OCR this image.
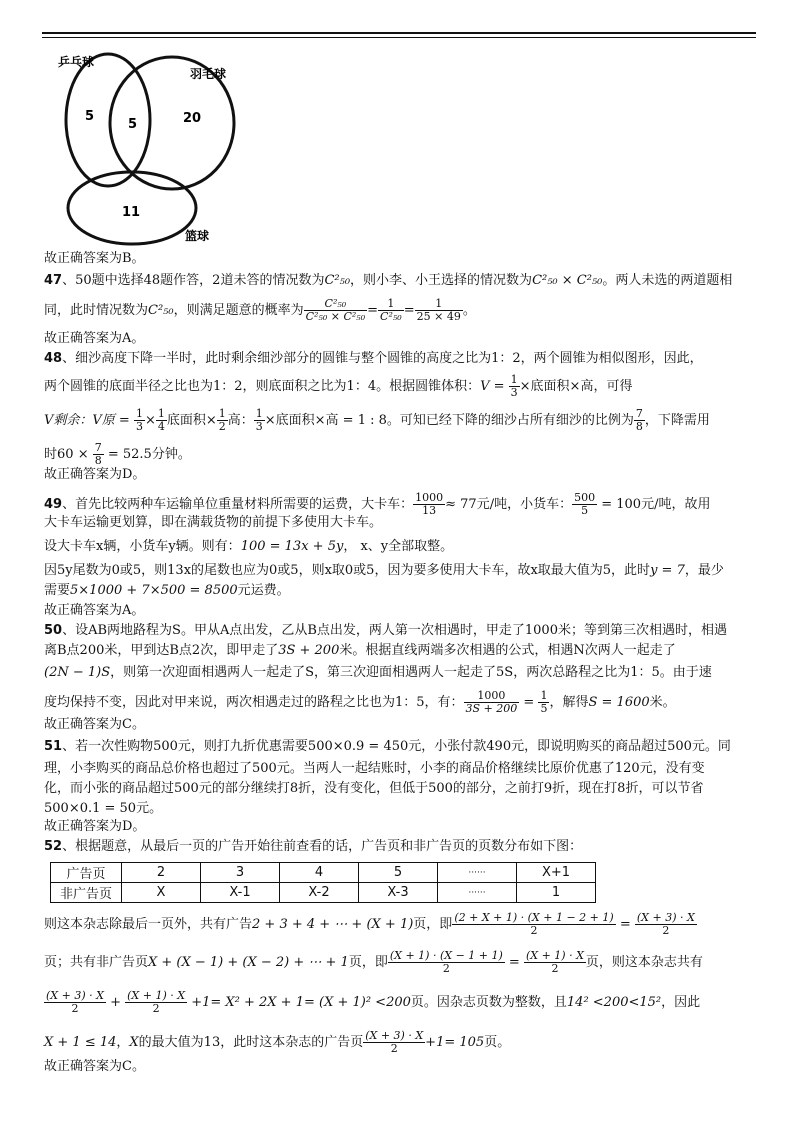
乒乓球
羽毛球
篮球
5
5	20
11
故正确答案为B。
47、50题中选择48题作答，2道未答的情况数为C²₅₀，则小李、小王选择的情况数为C²₅₀ × C²₅₀。两人未选的两道题相
同，此时情况数为C²₅₀，则满足题意的概率为 $\frac{\text{C²₅₀}}{\text{C²₅₀ × C²₅₀}} = \frac{1}{\text{C²₅₀}} = \frac{1}{25 \times 49}$ 。
故正确答案为A。
48、细沙高度下降一半时，此时剩余细沙部分的圆锥与整个圆锥的高度之比为1：2，两个圆锥为相似图形，因此，
两个圆锥的底面半径之比也为1：2，则底面积之比为1：4。根据圆锥体积：$V = \frac{1}{3}$ ×底面积×高，可得
V剩余：V原 = $\frac{1}{3} \times \frac{1}{4}$ 底面积× $\frac{1}{2}$ 高： $\frac{1}{3}$ ×底面积×高 = 1 : 8。可知已经下降的细沙占所有细沙的比例为 $\frac{7}{8}$ ，下降需用
时$60 \times \frac{7}{8} = 52.5$分钟。
故正确答案为D。
49、首先比较两种车运输单位重量材料所需要的运费，大卡车： $\frac{1000}{13} \approx 77$元/吨，小货车： $\frac{500}{5} = 100$元/吨，故用
大卡车运输更划算，即在满载货物的前提下多使用大卡车。
设大卡车x辆，小货车y辆。则有：100 = 13x + 5y， x、y全部取整。
因5y尾数为0或5，则13x的尾数也应为0或5，则x取0或5，因为要多使用大卡车，故x取最大值为5，此时y = 7，最少
需要5×1000 + 7×500 = 8500元运费。
故正确答案为A。
50、设AB两地路程为S。甲从A点出发，乙从B点出发，两人第一次相遇时，甲走了1000米；等到第三次相遇时，相遇
离B点200米，甲到达B点2次，即甲走了3S + 200米。根据直线两端多次相遇的公式，相遇N次两人一起走了
(2N − 1)S，则第一次迎面相遇两人一起走了S，第三次迎面相遇两人一起走了5S，两次总路程之比为1：5。由于速
度均保持不变，因此对甲来说，两次相遇走过的路程之比也为1：5，有： $\frac{1000}{3S + 200} = \frac{1}{5}$ ，解得S = 1600米。
故正确答案为C。
51、若一次性购物500元，则打九折优惠需要500×0.9 = 450元，小张付款490元，即说明购买的商品超过500元。同
理，小李购买的商品总价格也超过了500元。当两人一起结账时，小李的商品价格继续比原价优惠了120元，没有变
化，而小张的商品超过500元的部分继续打8折，没有变化，但低于500的部分，之前打9折，现在打8折，可以节省
500×0.1 = 50元。
故正确答案为D。
52、根据题意，从最后一页的广告开始往前查看的话，广告页和非广告页的页数分布如下图：
广告页	2	3	4	5	······	X+1
非广告页	X	X-1	X-2	X-3	······	1
则这本杂志除最后一页外，共有广告2 + 3 + 4 + ⋯ + (X + 1)页，即 $\frac{(2 + X + 1) \cdot (X + 1 - 2 + 1)}{2} = \frac{(X + 3) \cdot X}{2}$
页；共有非广告页X + (X − 1) + (X − 2) + ⋯ + 1页，即 $\frac{(X + 1) \cdot (X - 1 + 1)}{2} = \frac{(X + 1) \cdot X}{2}$ 页，则这本杂志共有
$\frac{(X + 3) \cdot X}{2} + \frac{(X + 1) \cdot X}{2} +1= X^2 + 2X + 1= (X + 1)^2 <200$页。因杂志页数为整数，且14² <200<15²，因此
X + 1 ≤ 14，X的最大值为13，此时这本杂志的广告页 $\frac{(X + 3) \cdot X}{2} +1= 105$页。
故正确答案为C。
